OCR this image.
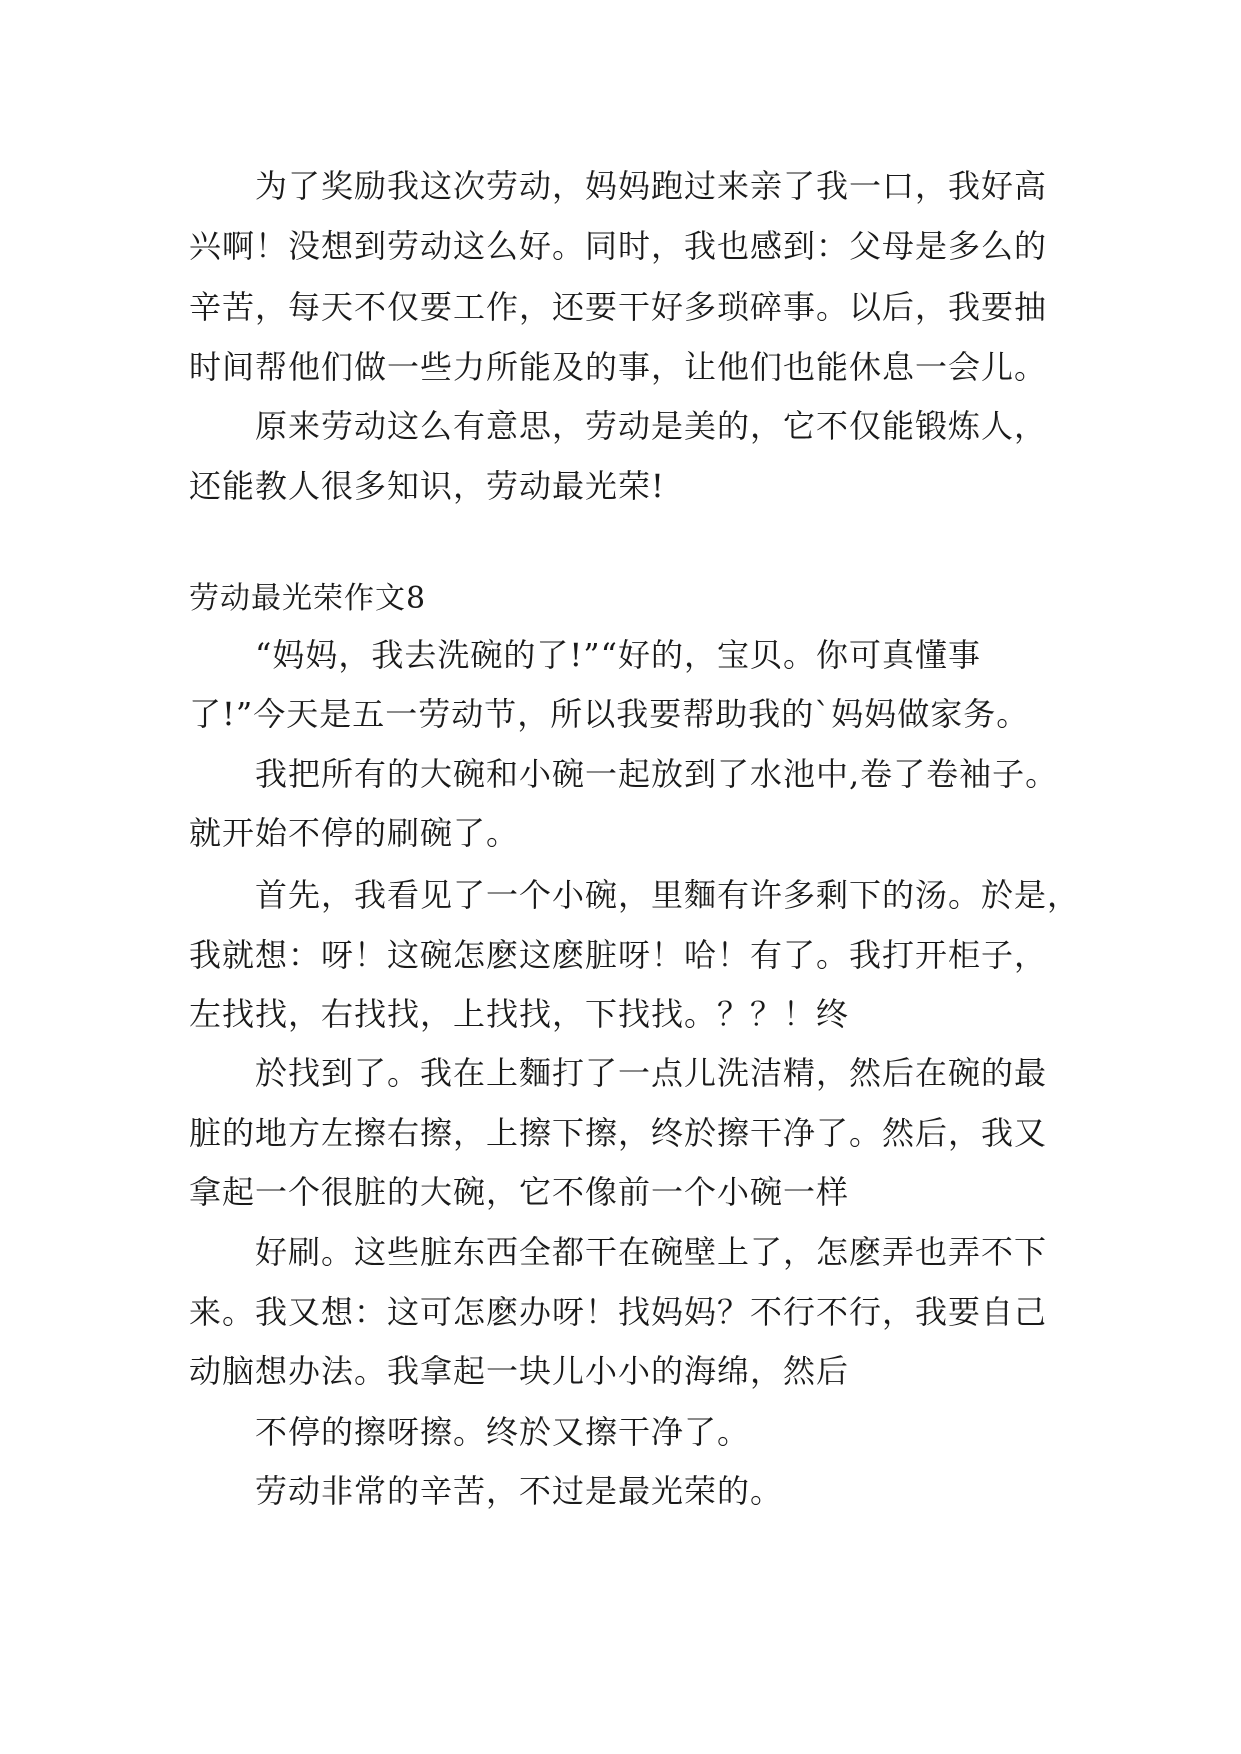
为了奖励我这次劳动，妈妈跑过来亲了我一口，我好高
兴啊！没想到劳动这么好。同时，我也感到：父母是多么的
辛苦，每天不仅要工作，还要干好多琐碎事。以后，我要抽
时间帮他们做一些力所能及的事，让他们也能休息一会儿。
原来劳动这么有意思，劳动是美的，它不仅能锻炼人，
还能教人很多知识，劳动最光荣!
劳动最光荣作文8
“妈妈，我去洗碗的了!”“好的，宝贝。你可真懂事
了!”今天是五一劳动节，所以我要帮助我的`妈妈做家务。
我把所有的大碗和小碗一起放到了水池中,卷了卷袖子。
就开始不停的刷碗了。
首先，我看见了一个小碗，里麵有许多剩下的汤。於是，
我就想：呀！这碗怎麽这麽脏呀！哈！有了。我打开柜子，
左找找，右找找，上找找，下找找。？？！终
於找到了。我在上麵打了一点儿洗洁精，然后在碗的最
脏的地方左擦右擦，上擦下擦，终於擦干净了。然后，我又
拿起一个很脏的大碗，它不像前一个小碗一样
好刷。这些脏东西全都干在碗壁上了，怎麽弄也弄不下
来。我又想：这可怎麽办呀！找妈妈？不行不行，我要自己
动脑想办法。我拿起一块儿小小的海绵，然后
不停的擦呀擦。终於又擦干净了。
劳动非常的辛苦，不过是最光荣的。
